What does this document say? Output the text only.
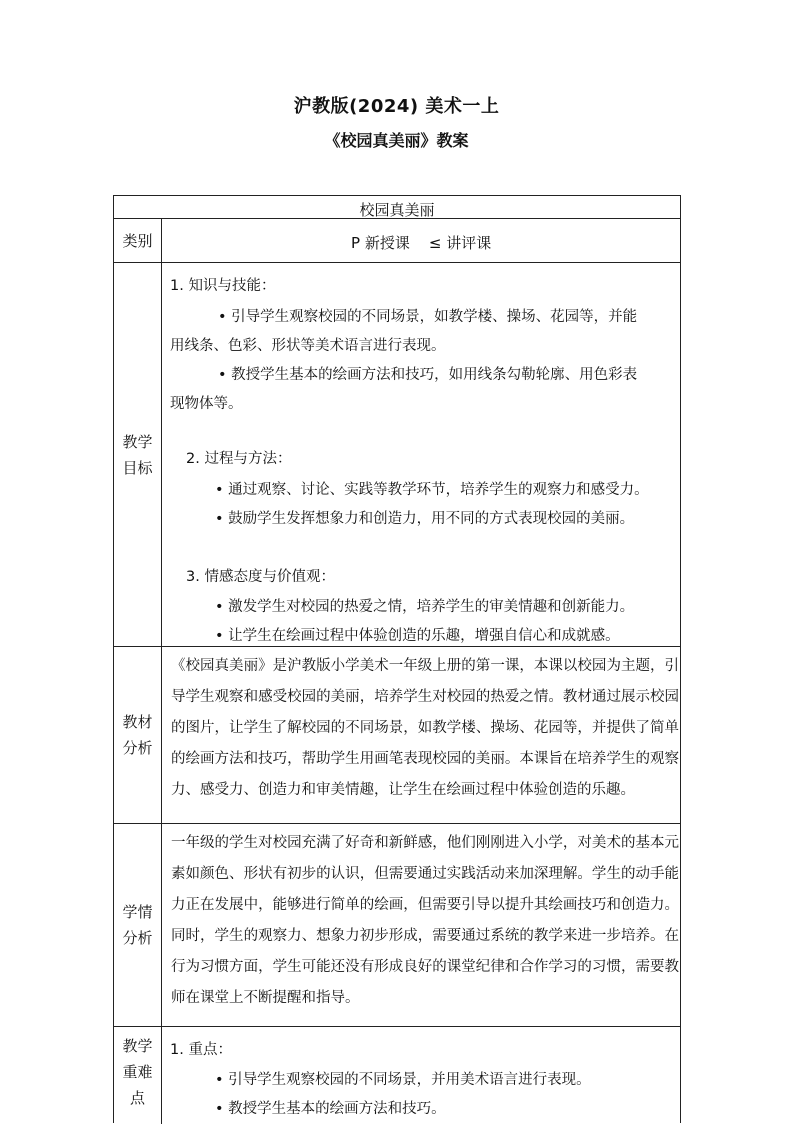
沪教版(2024) 美术一上
《校园真美丽》教案
校园真美丽
类别	P 新授课    ≤ 讲评课
教学
目标
1. 知识与技能：
• 引导学生观察校园的不同场景，如教学楼、操场、花园等，并能
用线条、色彩、形状等美术语言进行表现。
• 教授学生基本的绘画方法和技巧，如用线条勾勒轮廓、用色彩表
现物体等。
2. 过程与方法：
• 通过观察、讨论、实践等教学环节，培养学生的观察力和感受力。
• 鼓励学生发挥想象力和创造力，用不同的方式表现校园的美丽。
3. 情感态度与价值观：
• 激发学生对校园的热爱之情，培养学生的审美情趣和创新能力。
• 让学生在绘画过程中体验创造的乐趣，增强自信心和成就感。
教材
分析
《校园真美丽》是沪教版小学美术一年级上册的第一课，本课以校园为主题，引导学生观察和感受校园的美丽，培养学生对校园的热爱之情。教材通过展示校园的图片，让学生了解校园的不同场景，如教学楼、操场、花园等，并提供了简单的绘画方法和技巧，帮助学生用画笔表现校园的美丽。本课旨在培养学生的观察力、感受力、创造力和审美情趣，让学生在绘画过程中体验创造的乐趣。
学情
分析
一年级的学生对校园充满了好奇和新鲜感，他们刚刚进入小学，对美术的基本元素如颜色、形状有初步的认识，但需要通过实践活动来加深理解。学生的动手能力正在发展中，能够进行简单的绘画，但需要引导以提升其绘画技巧和创造力。同时，学生的观察力、想象力初步形成，需要通过系统的教学来进一步培养。在行为习惯方面，学生可能还没有形成良好的课堂纪律和合作学习的习惯，需要教师在课堂上不断提醒和指导。
教学
重难
点
1. 重点：
• 引导学生观察校园的不同场景，并用美术语言进行表现。
• 教授学生基本的绘画方法和技巧。
